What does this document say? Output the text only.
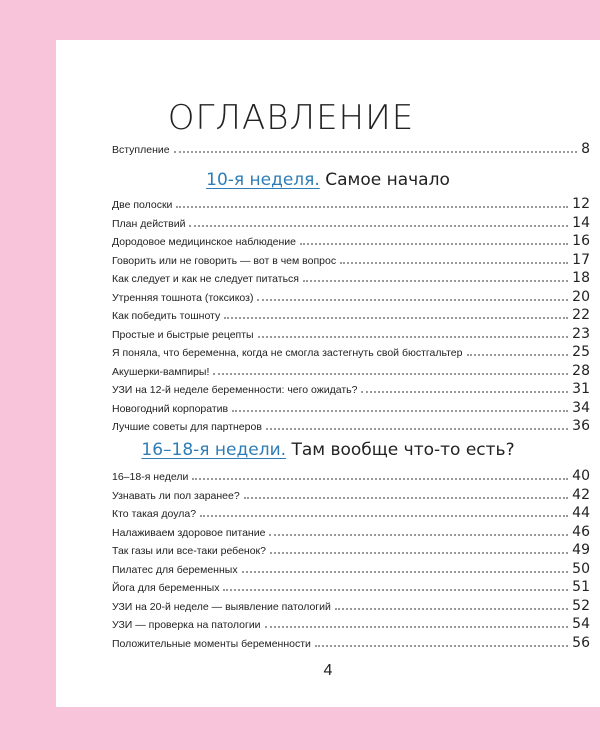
ОГЛАВЛЕНИЕ
Вступление	8
10-я неделя. Самое начало
Две полоски	12
План действий	14
Дородовое медицинское наблюдение	16
Говорить или не говорить — вот в чем вопрос	17
Как следует и как не следует питаться	18
Утренняя тошнота (токсикоз)	20
Как победить тошноту	22
Простые и быстрые рецепты	23
Я поняла, что беременна, когда не смогла застегнуть свой бюстгальтер	25
Акушерки-вампиры!	28
УЗИ на 12-й неделе беременности: чего ожидать?	31
Новогодний корпоратив	34
Лучшие советы для партнеров	36
16–18-я недели. Там вообще что-то есть?
16–18-я недели	40
Узнавать ли пол заранее?	42
Кто такая доула?	44
Налаживаем здоровое питание	46
Так газы или все-таки ребенок?	49
Пилатес для беременных	50
Йога для беременных	51
УЗИ на 20-й неделе — выявление патологий	52
УЗИ — проверка на патологии	54
Положительные моменты беременности	56
4
